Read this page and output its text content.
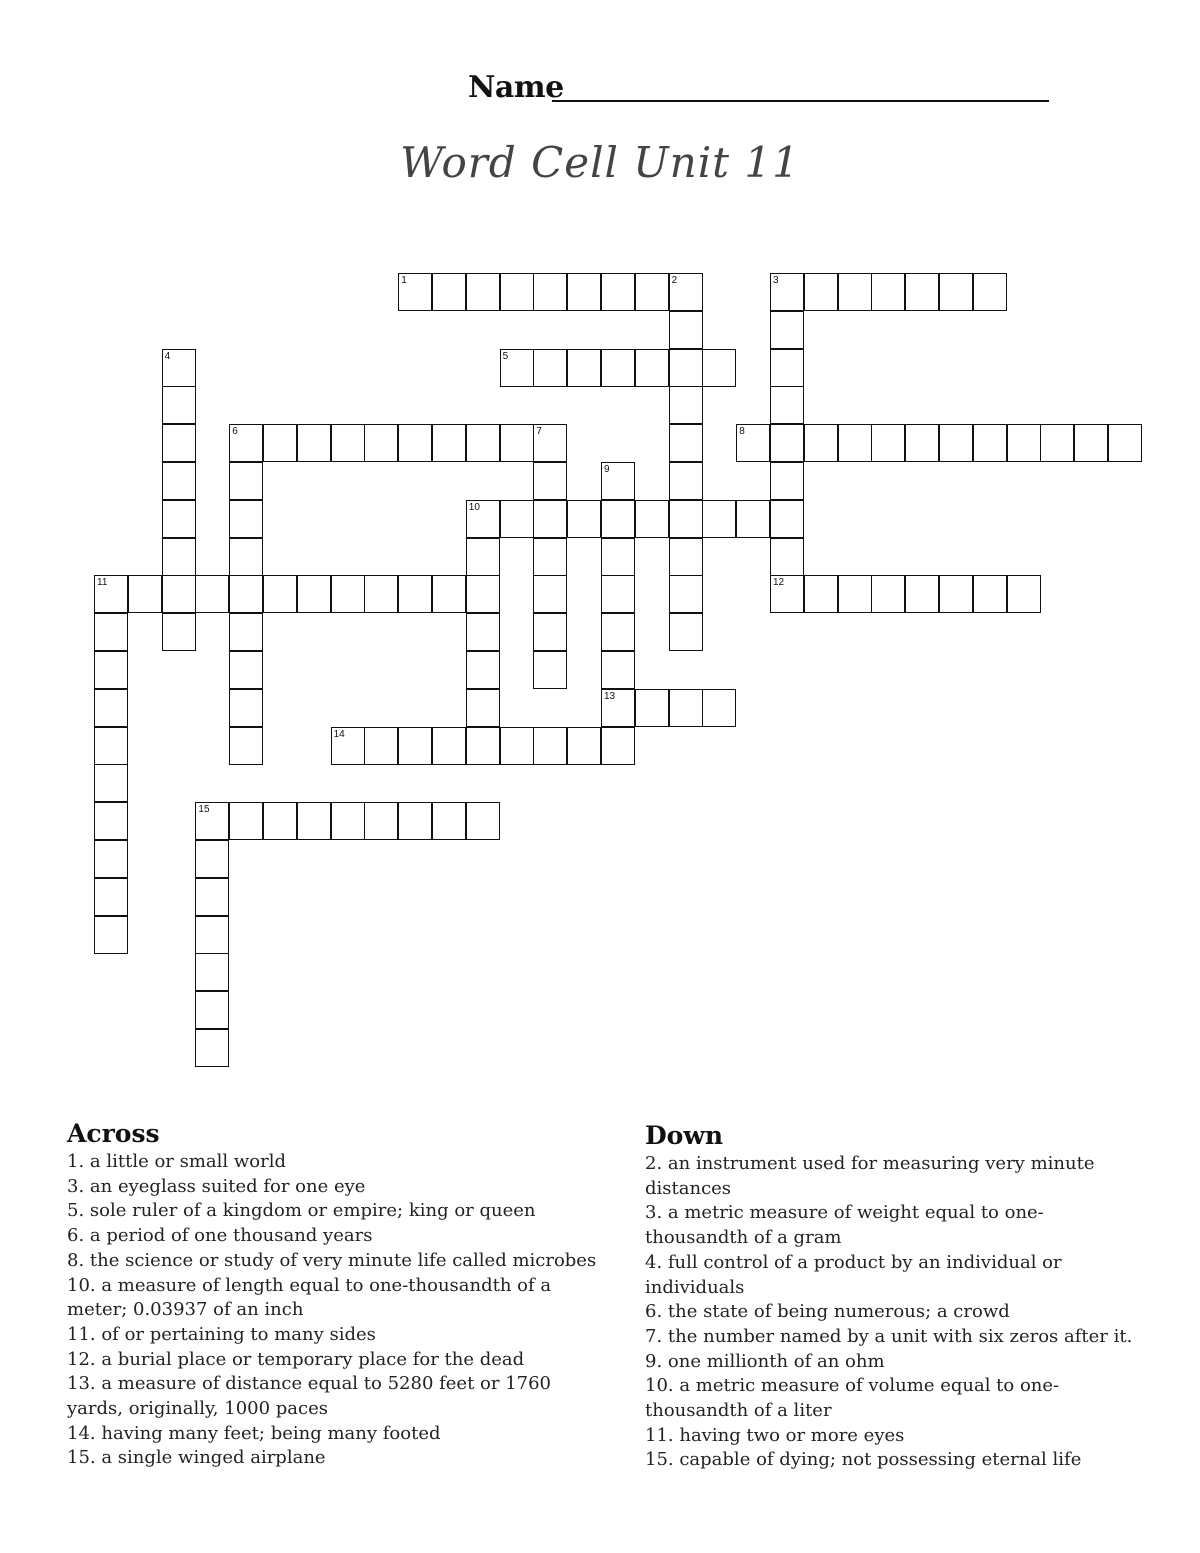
Name
Word Cell Unit 11
1	2	3
12
4	5
6	7	8
9
13
10
11
14
15
Across
1. a little or small world
3. an eyeglass suited for one eye
5. sole ruler of a kingdom or empire; king or queen
6. a period of one thousand years
8. the science or study of very minute life called microbes
10. a measure of length equal to one-thousandth of a meter; 0.03937 of an inch
11. of or pertaining to many sides
12. a burial place or temporary place for the dead
13. a measure of distance equal to 5280 feet or 1760 yards, originally, 1000 paces
14. having many feet; being many footed
15. a single winged airplane
Down
2. an instrument used for measuring very minute distances
3. a metric measure of weight equal to one-thousandth of a gram
4. full control of a product by an individual or individuals
6. the state of being numerous; a crowd
7. the number named by a unit with six zeros after it.
9. one millionth of an ohm
10. a metric measure of volume equal to one-thousandth of a liter
11. having two or more eyes
15. capable of dying; not possessing eternal life
